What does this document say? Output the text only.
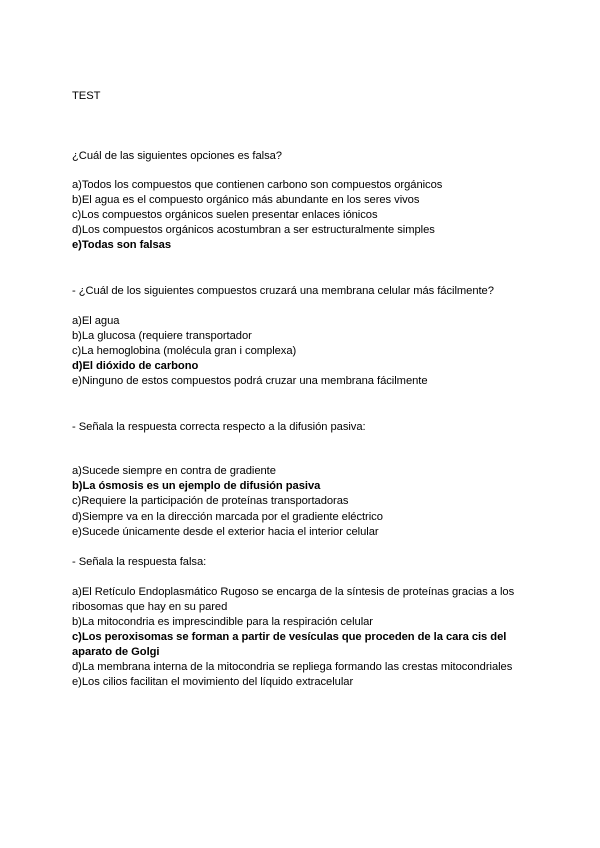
TEST
¿Cuál de las siguientes opciones es falsa?
a)Todos los compuestos que contienen carbono son compuestos orgánicos
b)El agua es el compuesto orgánico más abundante en los seres vivos
c)Los compuestos orgánicos suelen presentar enlaces iónicos
d)Los compuestos orgánicos acostumbran a ser estructuralmente simples
e)Todas son falsas
- ¿Cuál de los siguientes compuestos cruzará una membrana celular más fácilmente?
a)El agua
b)La glucosa (requiere transportador
c)La hemoglobina (molécula gran i complexa)
d)El dióxido de carbono
e)Ninguno de estos compuestos podrá cruzar una membrana fácilmente
- Señala la respuesta correcta respecto a la difusión pasiva:
a)Sucede siempre en contra de gradiente
b)La ósmosis es un ejemplo de difusión pasiva
c)Requiere la participación de proteínas transportadoras
d)Siempre va en la dirección marcada por el gradiente eléctrico
e)Sucede únicamente desde el exterior hacia el interior celular
- Señala la respuesta falsa:
a)El Retículo Endoplasmático Rugoso se encarga de la síntesis de proteínas gracias a los
ribosomas que hay en su pared
b)La mitocondria es imprescindible para la respiración celular
c)Los peroxisomas se forman a partir de vesículas que proceden de la cara cis del
aparato de Golgi
d)La membrana interna de la mitocondria se repliega formando las crestas mitocondriales
e)Los cilios facilitan el movimiento del líquido extracelular
